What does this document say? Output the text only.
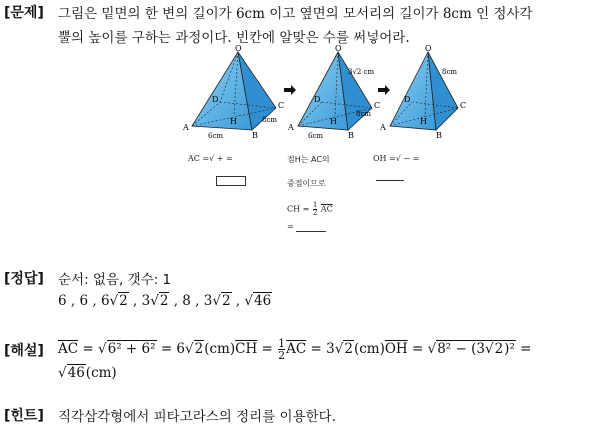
[문제] 그림은 밑면의 한 변의 길이가 6cm 이고 옆면의 모서리의 길이가 8cm 인 정사각
뿔의 높이를 구하는 과정이다. 빈칸에 알맞은 수를 써넣어라.
O
A
B
C
D
H	8cm
6cm
O
A
B
C
D
H
8cm
6cm
3√2 cm
O
A
B
C
D
H
8cm
AC =√ + =	점H는 AC의
중점이므로
CH = $\frac{1}{2} \overline{AC}$
=
OH =√ − =
[정답] 순서: 없음, 갯수: 1
6 , 6 , 6√2 , 3√2 , 8 , 3√2 , √46
[해설] $\overline{AC} = √6^2 + 6^2 = 6√2(cm)\overline{CH} = \frac{1}{2} \overline{AC} = 3√2(cm)\overline{OH} = √8^2 - (3√2)^2$ =
√46(cm)
[힌트] 직각삼각형에서 피타고라스의 정리를 이용한다.
